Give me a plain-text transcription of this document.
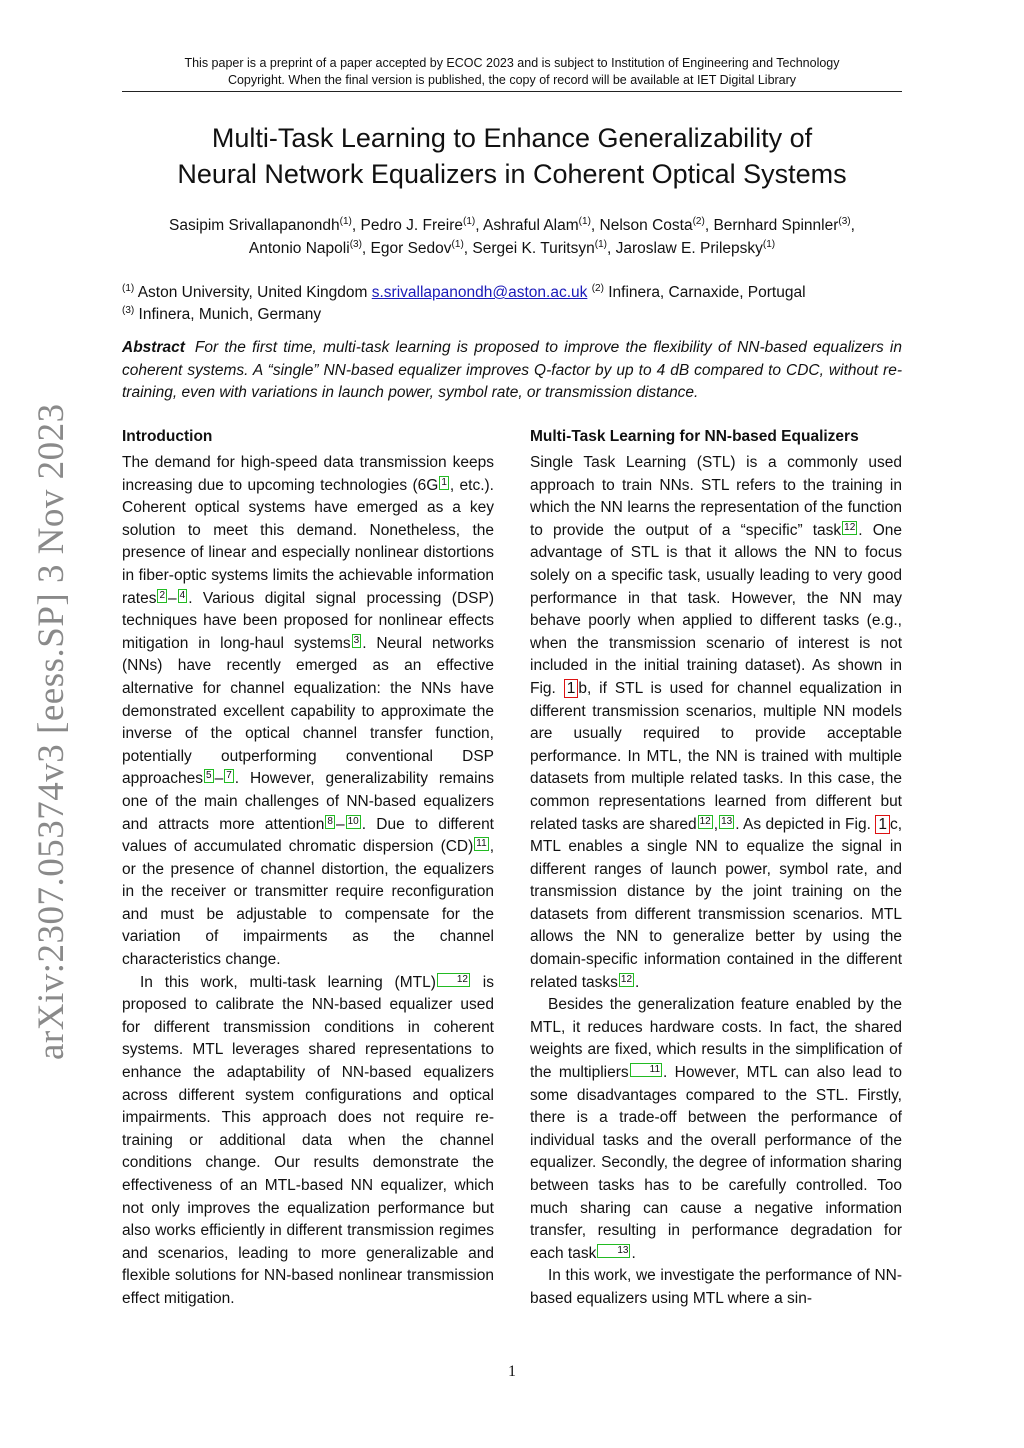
This paper is a preprint of a paper accepted by ECOC 2023 and is subject to Institution of Engineering and Technology
Copyright. When the final version is published, the copy of record will be available at IET Digital Library
Multi-Task Learning to Enhance Generalizability of
Neural Network Equalizers in Coherent Optical Systems
Sasipim Srivallapanondh$^{(1)}$, Pedro J. Freire$^{(1)}$, Ashraful Alam$^{(1)}$, Nelson Costa$^{(2)}$, Bernhard Spinnler$^{(3)}$,
Antonio Napoli$^{(3)}$, Egor Sedov$^{(1)}$, Sergei K. Turitsyn$^{(1)}$, Jaroslaw E. Prilepsky$^{(1)}$
$^{(1)}$ Aston University, United Kingdom s.srivallapanondh@aston.ac.uk $^{(2)}$ Infinera, Carnaxide, Portugal
$^{(3)}$ Infinera, Munich, Germany
Abstract For the first time, multi-task learning is proposed to improve the flexibility of NN-based equalizers in coherent systems. A “single” NN-based equalizer improves Q-factor by up to 4 dB compared to CDC, without re-training, even with variations in launch power, symbol rate, or transmission distance.
Introduction

The demand for high-speed data transmission keeps increasing due to upcoming technologies (6G 1 , etc.). Coherent optical systems have emerged as a key solution to meet this demand. Nonetheless, the presence of linear and especially nonlinear distortions in fiber-optic systems limits the achievable information rates 2 – 4 . Various digital signal processing (DSP) techniques have been proposed for nonlinear effects mitigation in long-haul systems 3 . Neural networks (NNs) have recently emerged as an effective alternative for channel equalization: the NNs have demonstrated excellent capability to approximate the inverse of the optical channel transfer function, potentially outperforming conventional DSP approaches 5 – 7 . However, generalizability remains one of the main challenges of NN-based equalizers and attracts more attention 8 – 10 . Due to different values of accumulated chromatic dispersion (CD) 11 , or the presence of channel distortion, the equalizers in the receiver or transmitter require reconfiguration and must be adjustable to compensate for the variation of impairments as the channel characteristics change.

In this work, multi-task learning (MTL) 12 is proposed to calibrate the NN-based equalizer used for different transmission conditions in coherent systems. MTL leverages shared representations to enhance the adaptability of NN-based equalizers across different system configurations and optical impairments. This approach does not require re-training or additional data when the channel conditions change. Our results demonstrate the effectiveness of an MTL-based NN equalizer, which not only improves the equalization performance but also works efficiently in different transmission regimes and scenarios, leading to more generalizable and flexible solutions for NN-based nonlinear transmission effect mitigation.

Multi-Task Learning for NN-based Equalizers

Single Task Learning (STL) is a commonly used approach to train NNs. STL refers to the training in which the NN learns the representation of the function to provide the output of a “specific” task 12 . One advantage of STL is that it allows the NN to focus solely on a specific task, usually leading to very good performance in that task. However, the NN may behave poorly when applied to different tasks (e.g., when the transmission scenario of interest is not included in the initial training dataset). As shown in Fig. 1 b, if STL is used for channel equalization in different transmission scenarios, multiple NN models are usually required to provide acceptable performance. In MTL, the NN is trained with multiple datasets from multiple related tasks. In this case, the common representations learned from different but related tasks are shared 12 , 13 . As depicted in Fig. 1 c, MTL enables a single NN to equalize the signal in different ranges of launch power, symbol rate, and transmission distance by the joint training on the datasets from different transmission scenarios. MTL allows the NN to generalize better by using the domain-specific information contained in the different related tasks 12 .

Besides the generalization feature enabled by the MTL, it reduces hardware costs. In fact, the shared weights are fixed, which results in the simplification of the multipliers 11 . However, MTL can also lead to some disadvantages compared to the STL. Firstly, there is a trade-off between the performance of individual tasks and the overall performance of the equalizer. Secondly, the degree of information sharing between tasks has to be carefully controlled. Too much sharing can cause a negative information transfer, resulting in performance degradation for each task 13 .

In this work, we investigate the performance of NN-based equalizers using MTL where a sin-

arXiv:2307.05374v3 [eess.SP] 3 Nov 2023
1
